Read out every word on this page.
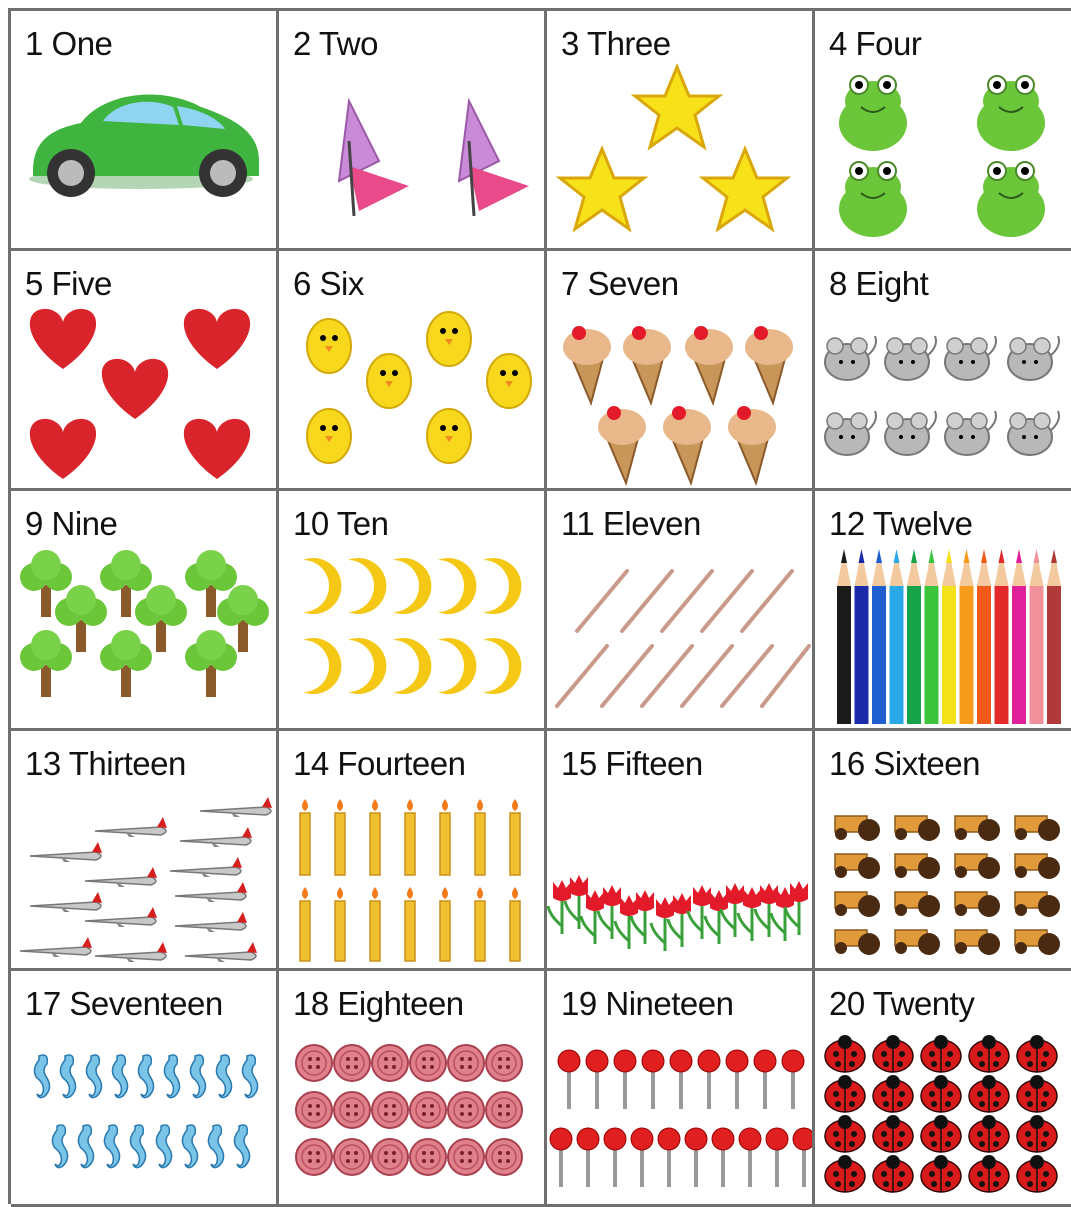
1 One	2 Two	3 Three	4 Four
5 Five	6 Six	7 Seven	8 Eight
9 Nine	10 Ten	11 Eleven	12 Twelve
13 Thirteen	14 Fourteen	15 Fifteen	16 Sixteen
17 Seventeen 18 Eighteen	19 Nineteen	20 Twenty
